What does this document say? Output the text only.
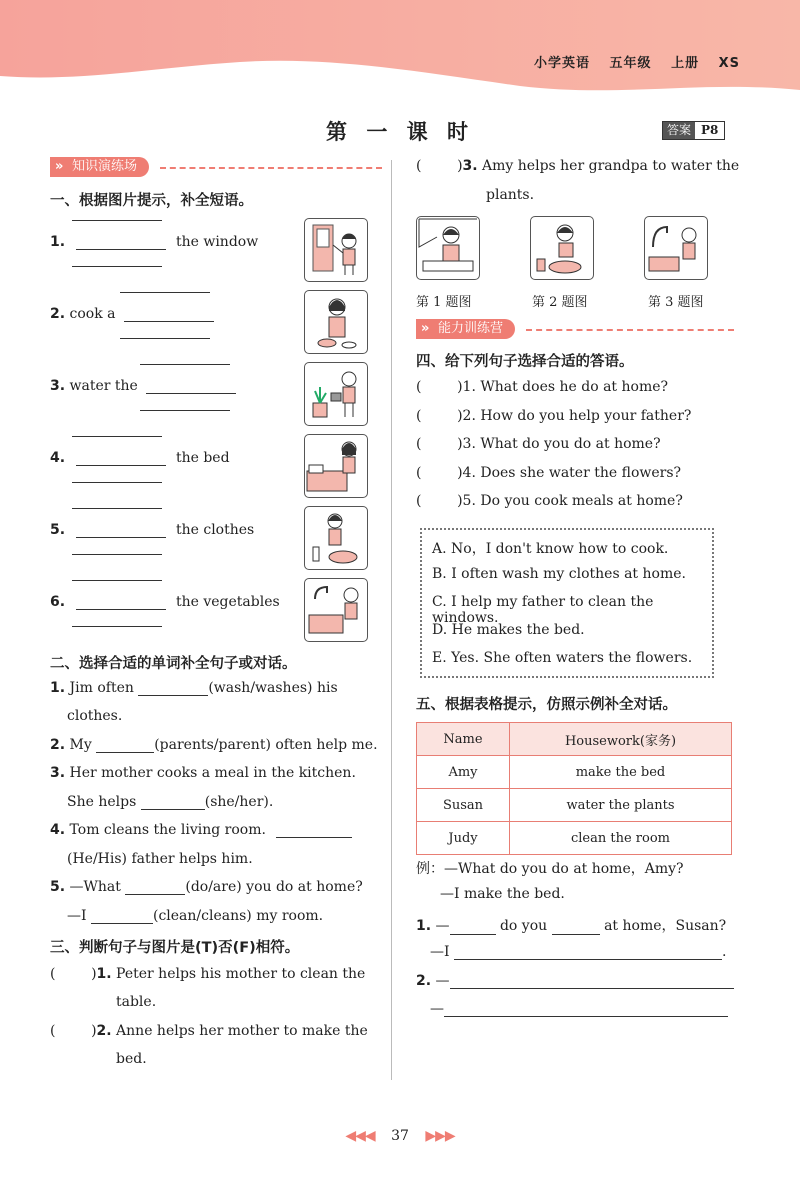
小学英语 五年级 上册 XS
第 一 课 时	答案 P8
» 知识演练场
一、根据图片提示，补全短语。
1.	the window
2. cook a
3. water the
4.	the bed
5.	the clothes
6.	the vegetables
二、选择合适的单词补全句子或对话。
1. Jim often	(wash/washes) his
clothes.
2. My	(parents/parent) often help me.
3. Her mother cooks a meal in the kitchen.
She helps	(she/her).
4. Tom cleans the living room.
(He/His) father helps him.
5. —What	(do/are) you do at home?
—I	(clean/cleans) my room.
三、判断句子与图片是(T)否(F)相符。
(        )1. Peter helps his mother to clean the
table.
(        )2. Anne helps her mother to make the
bed.
(        )3. Amy helps her grandpa to water the
plants.
第 1 题图	第 2 题图	第 3 题图
» 能力训练营
四、给下列句子选择合适的答语。
(        )1. What does he do at home?
(        )2. How do you help your father?
(        )3. What do you do at home?
(        )4. Does she water the flowers?
(        )5. Do you cook meals at home?
A. No，I don't know how to cook.
B. I often wash my clothes at home.
C. I help my father to clean the windows.
D. He makes the bed.
E. Yes. She often waters the flowers.
五、根据表格提示，仿照示例补全对话。
Name	Housework(家务)
Amy	make the bed
Susan	water the plants
Judy	clean the room
例：—What do you do at home，Amy?
—I make the bed.
1. —	do you	at home，Susan?
—I	.
2. —
—
◀◀◀ 37 ▶▶▶
